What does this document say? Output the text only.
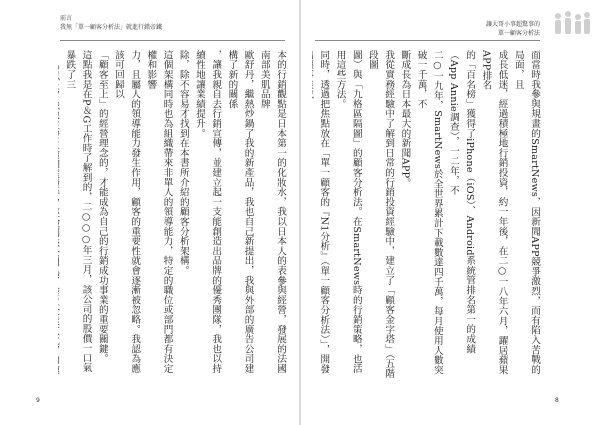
前言
我無「單一顧客分析法」就進行錯帝鐵	讓大哥小事超驚事的
單一顧客分析法

本的行銷觀點是日本第一的化妝水，我以日本人的表參與經營，發展的法國南部美肌品牌

歐舒丹，繼熱炒鍋了我的新產品，我也自己新提出，我與外部的廣告公司建構了新的關係

，讓我親自去行銷宣傳，並建立起一支能創造出品牌的優秀團隊，我也以持續性地讓業績提升。

除，除不容易才找到在本書所介紹的顧客分析架構。

這個架構同時也為組織帶來非單人的領導能力，特定的職位或部門都有決定權和影響

力，且屬人的領導能力發生作用，顧客的重要性就會逐漸被忽略。我認為應該可回歸以

「顧客至上」的經營理念的，才能成為自己的行銷成功事業的重要關鍵。

這點我是在P＆G工作時了解到的，二○○○年三月，該公司的股價一口氣暴跌了三	面當時我參與規畫的SmartNews，因新聞APP競爭激烈，而有陷入苦戰的局面，且

成長低迷，經過積極地行銷投資，約一年後，在二○一八年六月，躍居蘋果APP排名

的「百名榜」獲得了iPhone（iOS）、Android系統管排名第一的成績（App Annie調查），一二年，不

二○一九年，SmartNews於全世界累計下載數達四千萬，每月使用人數突破一千萬，不

斷成長為日本最大的新聞APP。

我從實務經驗中了解到日常的行銷投資經驗中，建立了「顧客金字塔」（五階段圖

圖）與「九格區隔圖」的顧客分析法。在SmartNews時的行銷策略，也活用這些方法。

同時，透過把焦點放在「單一顧客的『N1分析』（單一顧客分析法）」，開發

9	8
